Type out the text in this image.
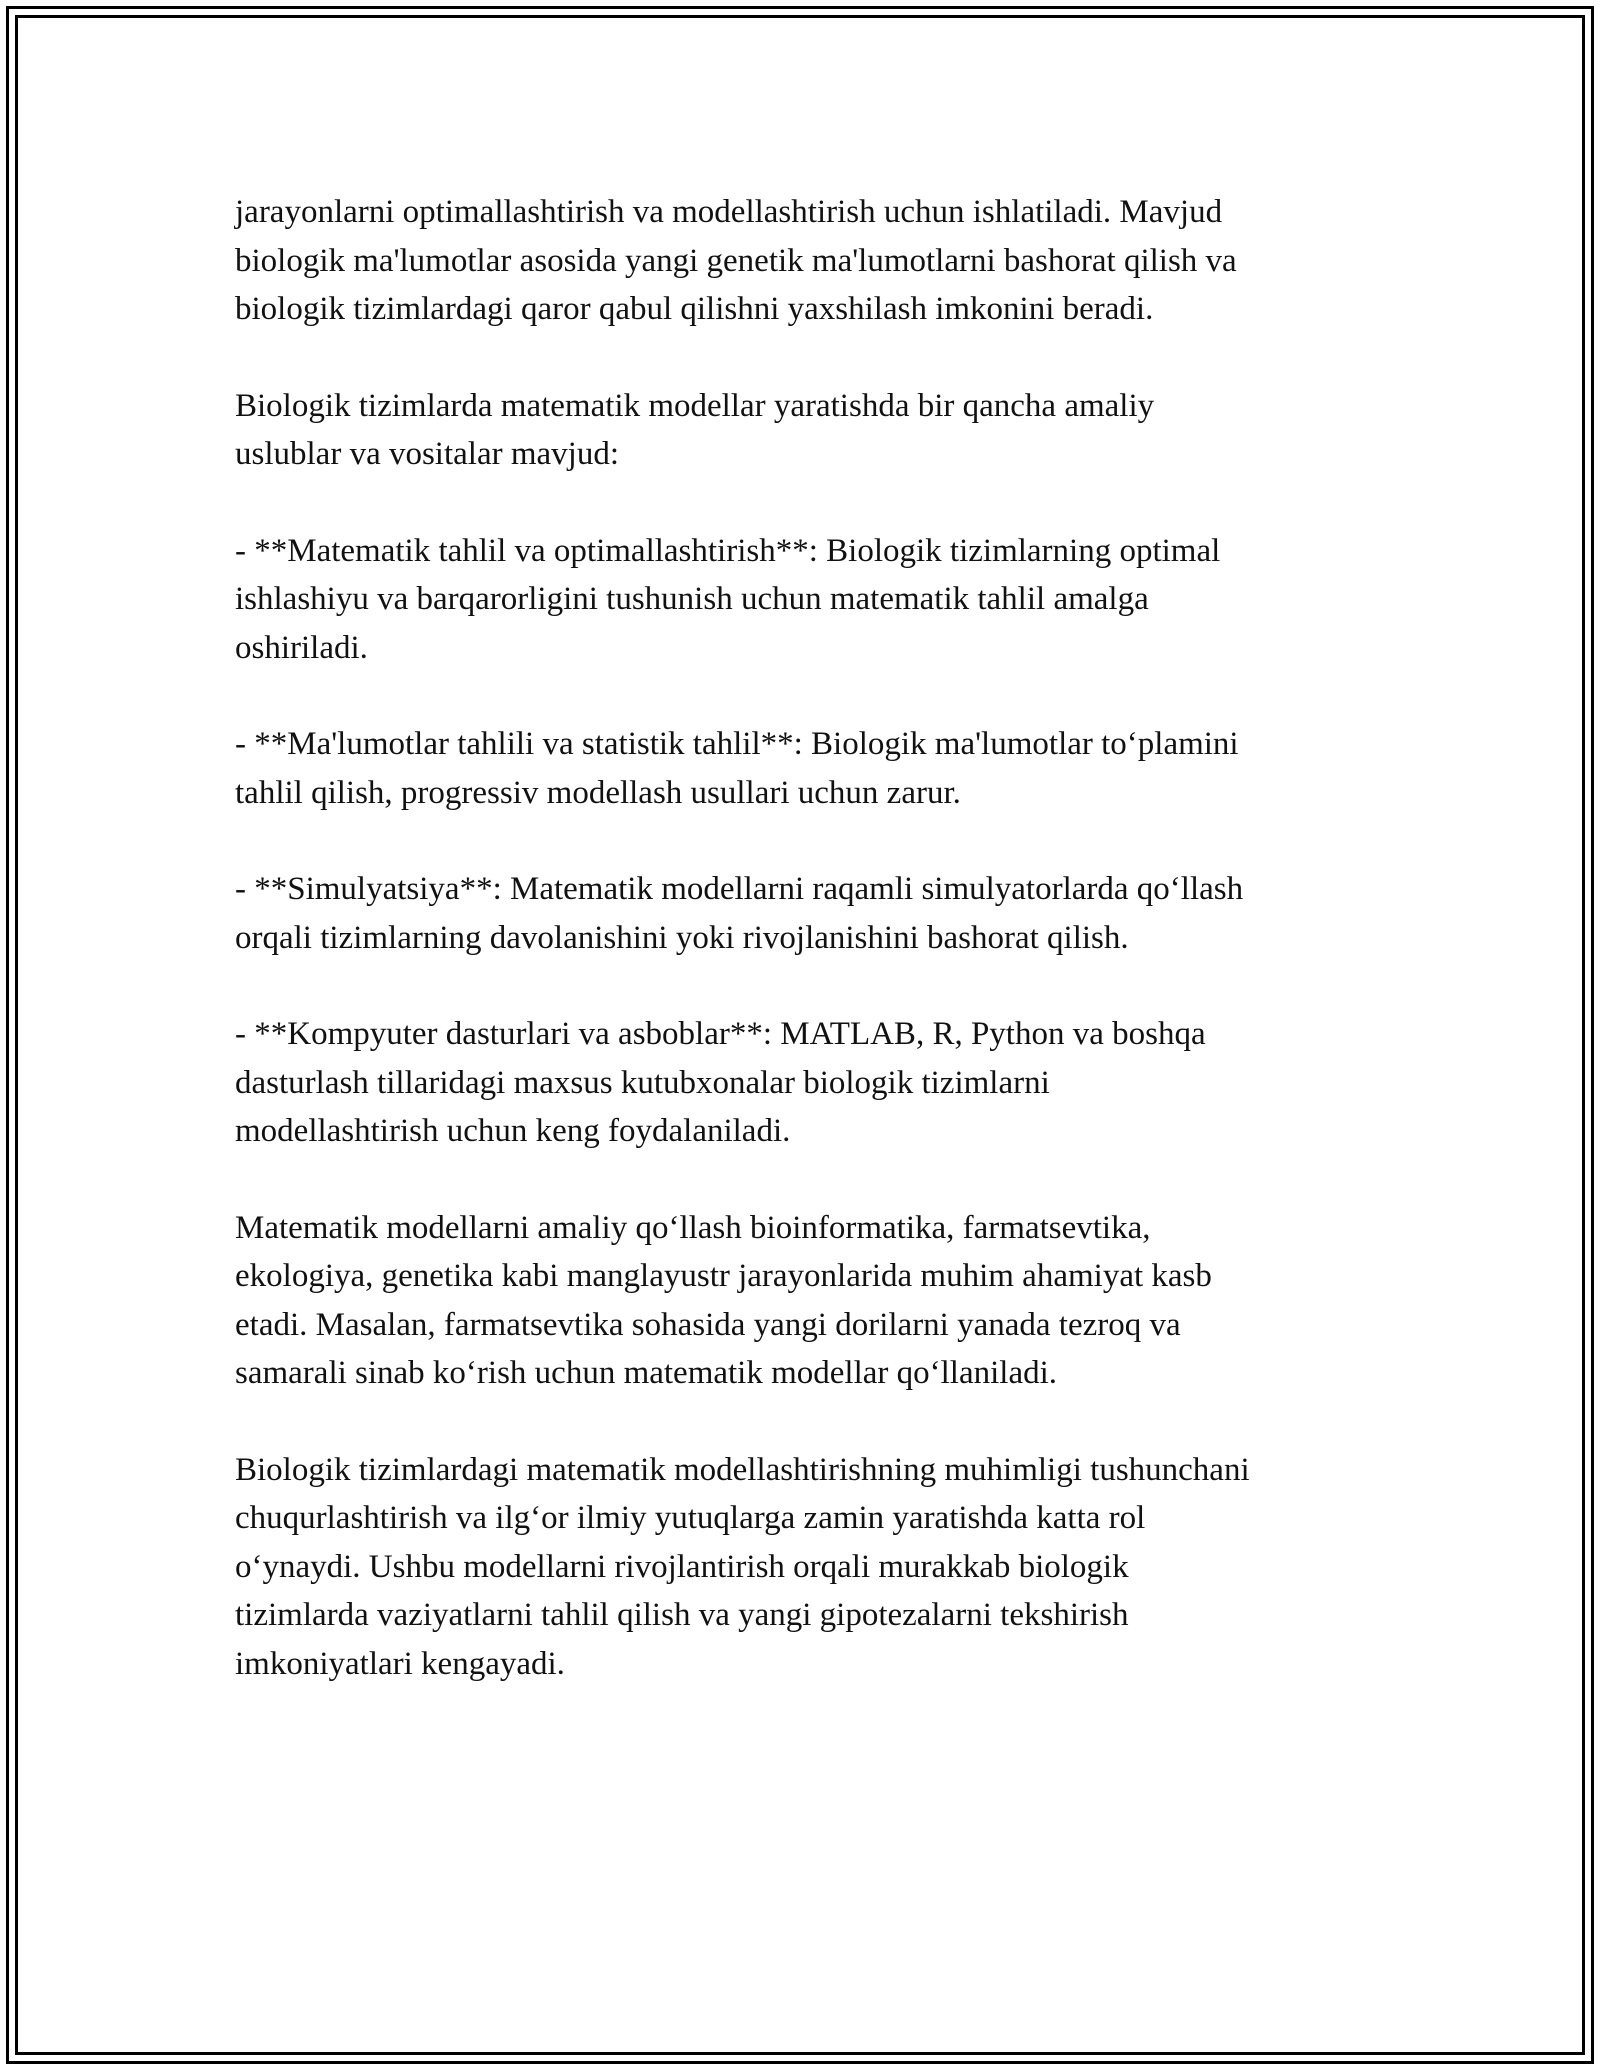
jarayonlarni optimallashtirish va modellashtirish uchun ishlatiladi. Mavjud
biologik ma'lumotlar asosida yangi genetik ma'lumotlarni bashorat qilish va
biologik tizimlardagi qaror qabul qilishni yaxshilash imkonini beradi.

Biologik tizimlarda matematik modellar yaratishda bir qancha amaliy
uslublar va vositalar mavjud:

- **Matematik tahlil va optimallashtirish**: Biologik tizimlarning optimal
ishlashiyu va barqarorligini tushunish uchun matematik tahlil amalga
oshiriladi.

- **Ma'lumotlar tahlili va statistik tahlil**: Biologik ma'lumotlar to‘plamini
tahlil qilish, progressiv modellash usullari uchun zarur.

- **Simulyatsiya**: Matematik modellarni raqamli simulyatorlarda qo‘llash
orqali tizimlarning davolanishini yoki rivojlanishini bashorat qilish.

- **Kompyuter dasturlari va asboblar**: MATLAB, R, Python va boshqa
dasturlash tillaridagi maxsus kutubxonalar biologik tizimlarni
modellashtirish uchun keng foydalaniladi.

Matematik modellarni amaliy qo‘llash bioinformatika, farmatsevtika,
ekologiya, genetika kabi manglayustr jarayonlarida muhim ahamiyat kasb
etadi. Masalan, farmatsevtika sohasida yangi dorilarni yanada tezroq va
samarali sinab ko‘rish uchun matematik modellar qo‘llaniladi.

Biologik tizimlardagi matematik modellashtirishning muhimligi tushunchani
chuqurlashtirish va ilg‘or ilmiy yutuqlarga zamin yaratishda katta rol
o‘ynaydi. Ushbu modellarni rivojlantirish orqali murakkab biologik
tizimlarda vaziyatlarni tahlil qilish va yangi gipotezalarni tekshirish
imkoniyatlari kengayadi.
